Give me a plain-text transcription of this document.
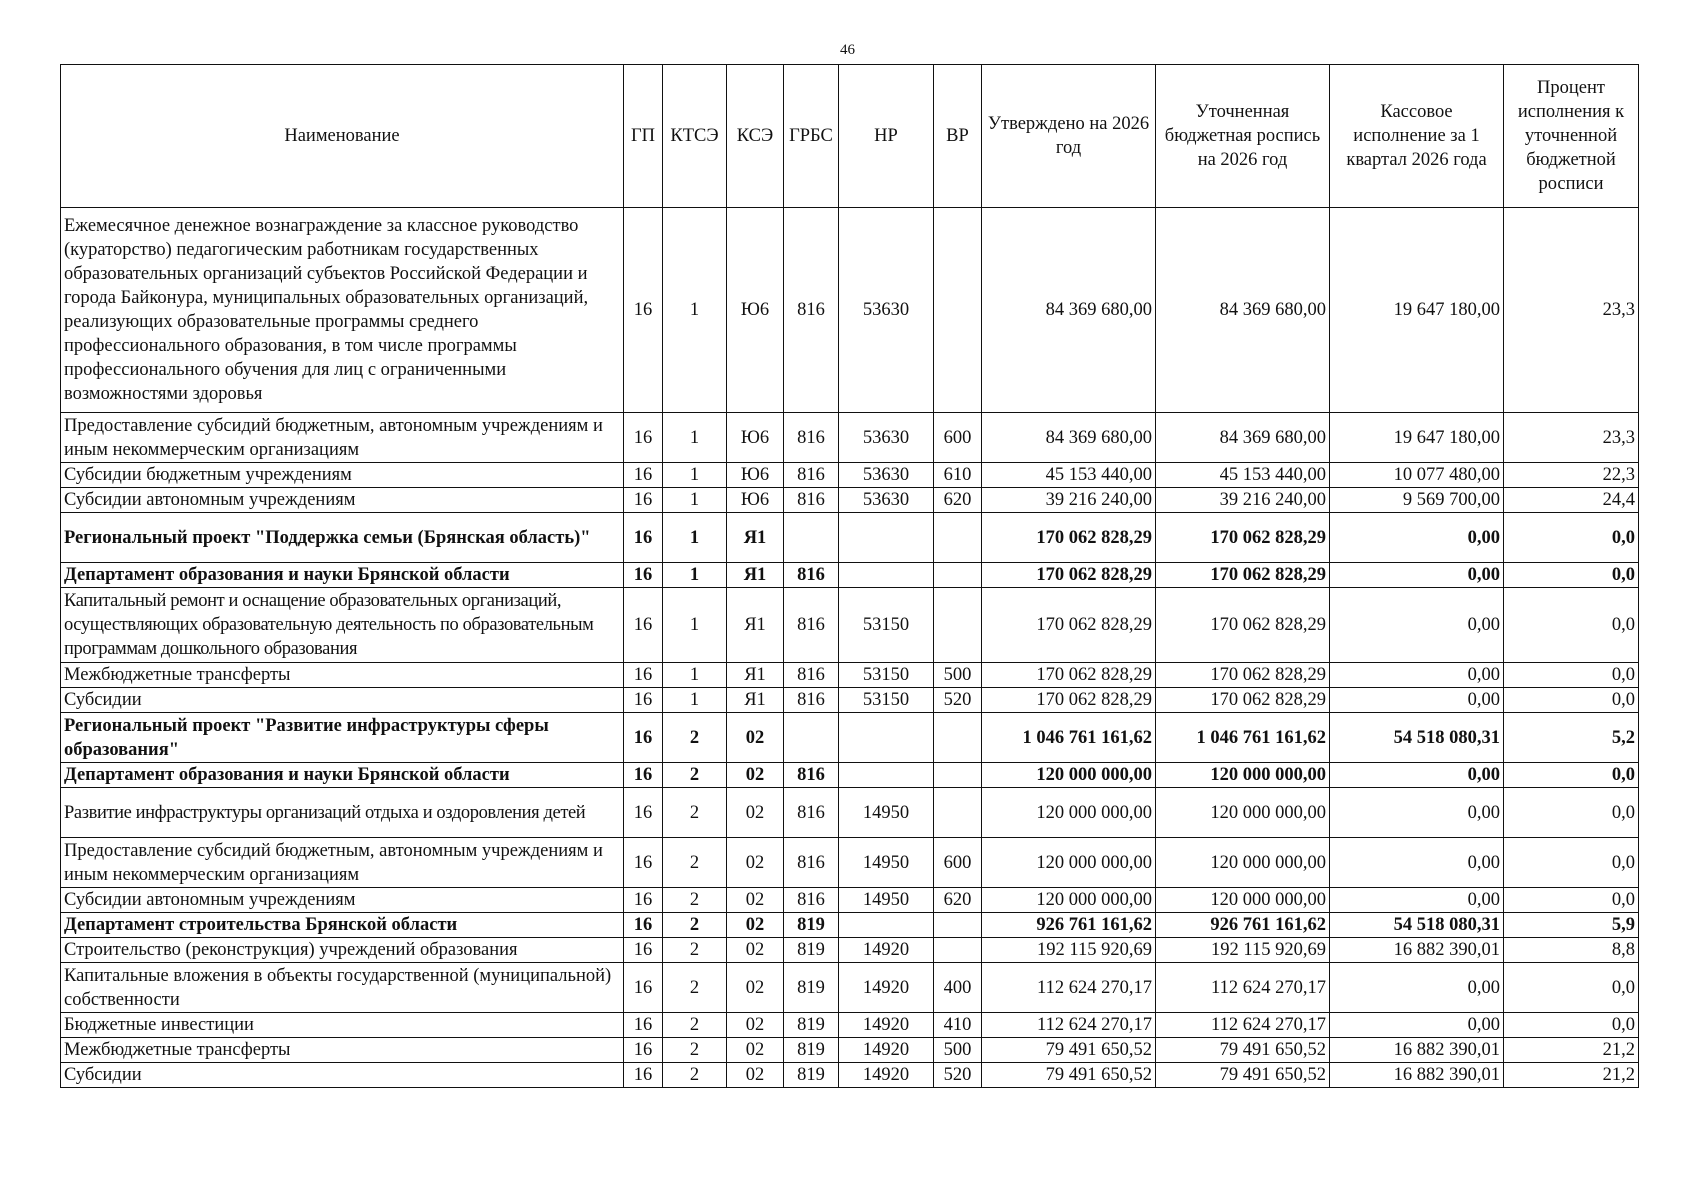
46
Наименование	ГП	КТСЭ	КСЭ	ГРБС	НР	ВР	Утверждено на 2026 год	Уточненная бюджетная роспись на 2026 год	Кассовое исполнение за 1 квартал 2026 года	Процент исполнения к уточненной бюджетной росписи
Ежемесячное денежное вознаграждение за классное руководство (кураторство) педагогическим работникам государственных образовательных организаций субъектов Российской Федерации и города Байконура, муниципальных образовательных организаций, реализующих образовательные программы среднего профессионального образования, в том числе программы профессионального обучения для лиц с ограниченными возможностями здоровья	16	1	Ю6	816	53630		84 369 680,00	84 369 680,00	19 647 180,00	23,3
Предоставление субсидий бюджетным, автономным учреждениям и иным некоммерческим организациям	16	1	Ю6	816	53630	600	84 369 680,00	84 369 680,00	19 647 180,00	23,3
Субсидии бюджетным учреждениям	16	1	Ю6	816	53630	610	45 153 440,00	45 153 440,00	10 077 480,00	22,3
Субсидии автономным учреждениям	16	1	Ю6	816	53630	620	39 216 240,00	39 216 240,00	9 569 700,00	24,4
Региональный проект "Поддержка семьи (Брянская область)"	16	1	Я1				170 062 828,29	170 062 828,29	0,00	0,0
Департамент образования и науки Брянской области	16	1	Я1	816			170 062 828,29	170 062 828,29	0,00	0,0
Капитальный ремонт и оснащение образовательных организаций, осуществляющих образовательную деятельность по образовательным программам дошкольного образования	16	1	Я1	816	53150		170 062 828,29	170 062 828,29	0,00	0,0
Межбюджетные трансферты	16	1	Я1	816	53150	500	170 062 828,29	170 062 828,29	0,00	0,0
Субсидии	16	1	Я1	816	53150	520	170 062 828,29	170 062 828,29	0,00	0,0
Региональный проект "Развитие инфраструктуры сферы образования"	16	2	02				1 046 761 161,62	1 046 761 161,62	54 518 080,31	5,2
Департамент образования и науки Брянской области	16	2	02	816			120 000 000,00	120 000 000,00	0,00	0,0
Развитие инфраструктуры организаций отдыха и оздоровления детей	16	2	02	816	14950		120 000 000,00	120 000 000,00	0,00	0,0
Предоставление субсидий бюджетным, автономным учреждениям и иным некоммерческим организациям	16	2	02	816	14950	600	120 000 000,00	120 000 000,00	0,00	0,0
Субсидии автономным учреждениям	16	2	02	816	14950	620	120 000 000,00	120 000 000,00	0,00	0,0
Департамент строительства Брянской области	16	2	02	819			926 761 161,62	926 761 161,62	54 518 080,31	5,9
Строительство (реконструкция) учреждений образования	16	2	02	819	14920		192 115 920,69	192 115 920,69	16 882 390,01	8,8
Капитальные вложения в объекты государственной (муниципальной) собственности	16	2	02	819	14920	400	112 624 270,17	112 624 270,17	0,00	0,0
Бюджетные инвестиции	16	2	02	819	14920	410	112 624 270,17	112 624 270,17	0,00	0,0
Межбюджетные трансферты	16	2	02	819	14920	500	79 491 650,52	79 491 650,52	16 882 390,01	21,2
Субсидии	16	2	02	819	14920	520	79 491 650,52	79 491 650,52	16 882 390,01	21,2
